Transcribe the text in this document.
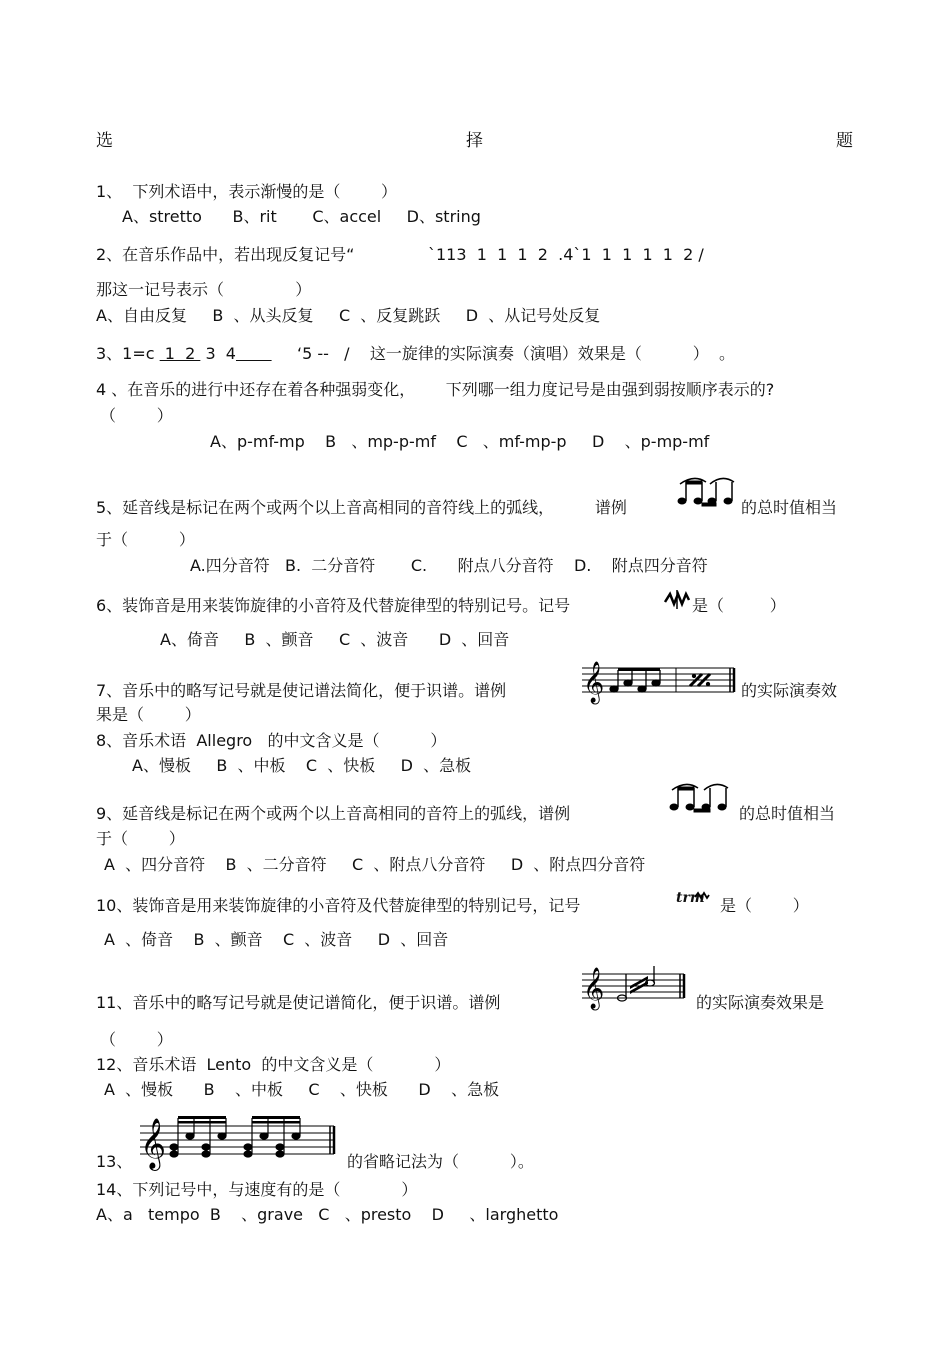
选	择	题
1、  下列术语中，表示渐慢的是（        ）
A、stretto      B、rit       C、accel     D、string
2、在音乐作品中，若出现反复记号“	`113  1  1  1  2  .4`1  1  1  1  1  2 /
那这一记号表示（              ）
A、自由反复     B  、从头反复     C  、反复跳跃     D  、从记号处反复
3、1=c  1  2  3  4            ‘5 --   /    这一旋律的实际演奏（演唱）效果是（          ）  。
4 、在音乐的进行中还存在着各种强弱变化，      下列哪一组力度记号是由强到弱按顺序表示的?
（        ）
A、p-mf-mp    B   、mp-p-mf    C   、mf-mp-p     D    、p-mp-mf
5、延音线是标记在两个或两个以上音高相同的音符线上的弧线，        谱例	的总时值相当
于（          ）
A.四分音符   B.  二分音符       C.      附点八分音符    D.    附点四分音符
6、装饰音是用来装饰旋律的小音符及代替旋律型的特别记号。记号	是（         ）
A、倚音     B  、颤音     C  、波音      D  、回音
7、音乐中的略写记号就是使记谱法简化，便于识谱。谱例 𝄞	的实际演奏效
果是（        ）
8、音乐术语  Allegro   的中文含义是（          ）
A、慢板     B  、中板    C  、快板     D  、急板
9、延音线是标记在两个或两个以上音高相同的音符上的弧线，谱例	的总时值相当
于（        ）
A  、四分音符    B  、二分音符     C  、附点八分音符     D  、附点四分音符
10、装饰音是用来装饰旋律的小音符及代替旋律型的特别记号，记号	trm 是（        ）
A  、倚音    B  、颤音    C  、波音     D  、回音
11、音乐中的略写记号就是使记谱简化，便于识谱。谱例 𝄞	的实际演奏效果是
（        ）
12、音乐术语  Lento  的中文含义是（            ）
A  、慢板      B    、中板     C    、快板      D    、急板
𝄞
13、	的省略记法为（          ）。
14、下列记号中，与速度有的是（            ）
A、a   tempo  B    、grave   C   、presto    D     、larghetto
